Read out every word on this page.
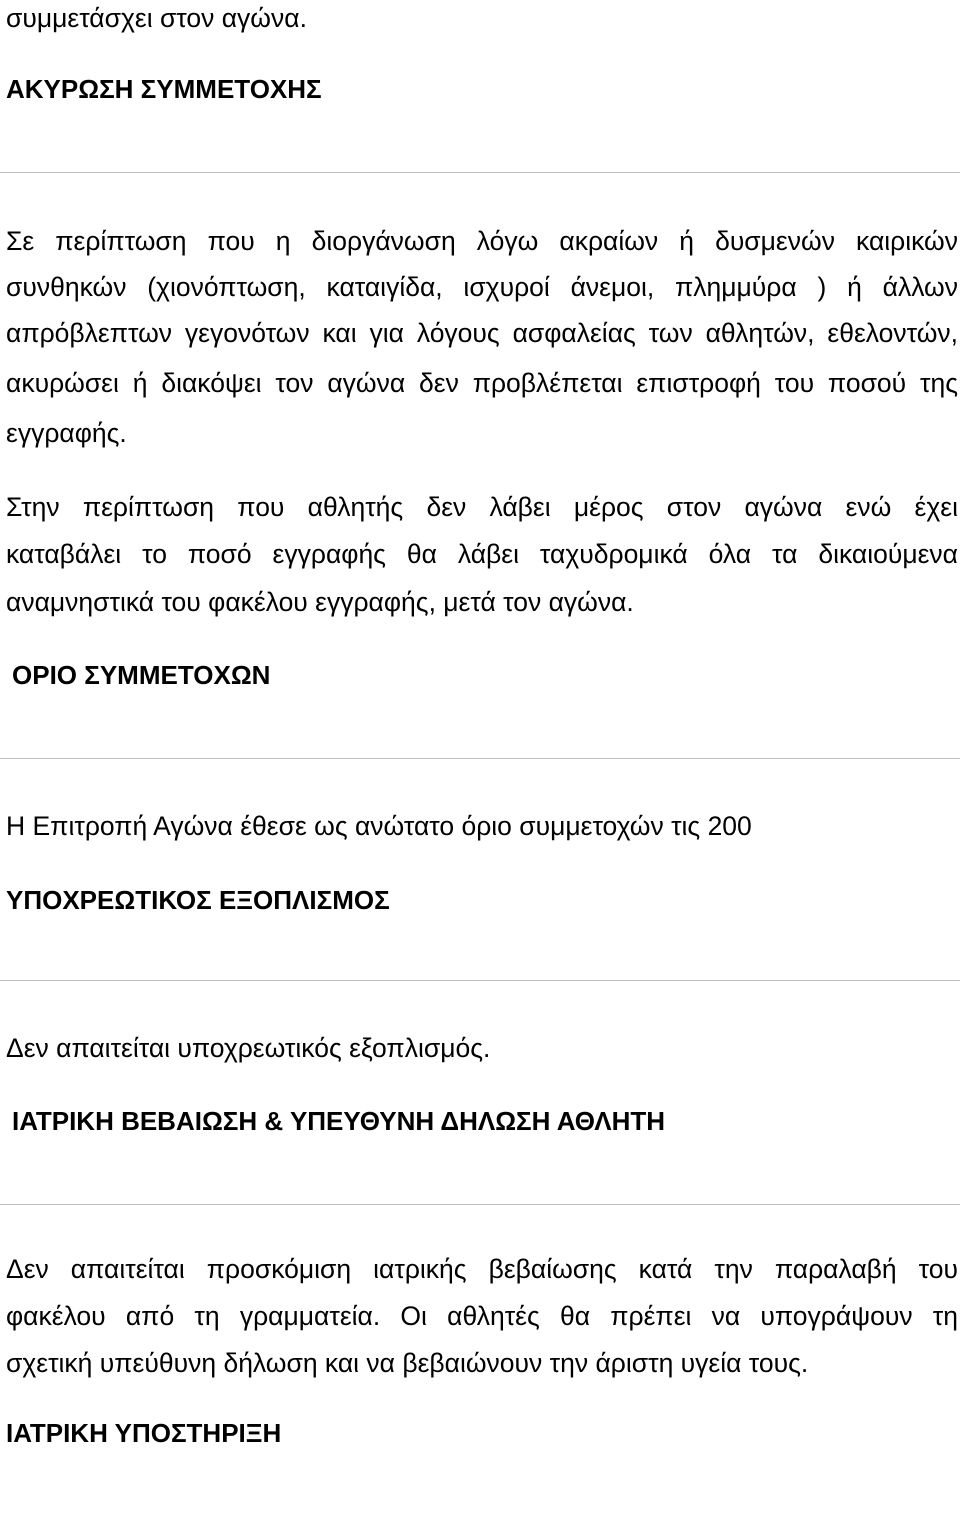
συμμετάσχει στον αγώνα.
ΑΚΥΡΩΣΗ ΣΥΜΜΕΤΟΧΗΣ
Σε περίπτωση που η διοργάνωση λόγω ακραίων ή δυσμενών καιρικών
συνθηκών (χιονόπτωση, καταιγίδα, ισχυροί άνεμοι, πλημμύρα ) ή άλλων
απρόβλεπτων γεγονότων και για λόγους ασφαλείας των αθλητών, εθελοντών,
ακυρώσει ή διακόψει τον αγώνα δεν προβλέπεται επιστροφή του ποσού της
εγγραφής.
Στην περίπτωση που αθλητής δεν λάβει μέρος στον αγώνα ενώ έχει
καταβάλει το ποσό εγγραφής θα λάβει ταχυδρομικά όλα τα δικαιούμενα
αναμνηστικά του φακέλου εγγραφής, μετά τον αγώνα.
ΟΡΙΟ ΣΥΜΜΕΤΟΧΩΝ
Η Επιτροπή Αγώνα έθεσε ως ανώτατο όριο συμμετοχών τις 200
ΥΠΟΧΡΕΩΤΙΚΟΣ ΕΞΟΠΛΙΣΜΟΣ
Δεν απαιτείται υποχρεωτικός εξοπλισμός.
ΙΑΤΡΙΚΗ ΒΕΒΑΙΩΣΗ & ΥΠΕΥΘΥΝΗ ΔΗΛΩΣΗ ΑΘΛΗΤΗ
Δεν απαιτείται προσκόμιση ιατρικής βεβαίωσης κατά την παραλαβή του
φακέλου από τη γραμματεία. Οι αθλητές θα πρέπει να υπογράψουν τη
σχετική υπεύθυνη δήλωση και να βεβαιώνουν την άριστη υγεία τους.
ΙΑΤΡΙΚΗ ΥΠΟΣΤΗΡΙΞΗ
